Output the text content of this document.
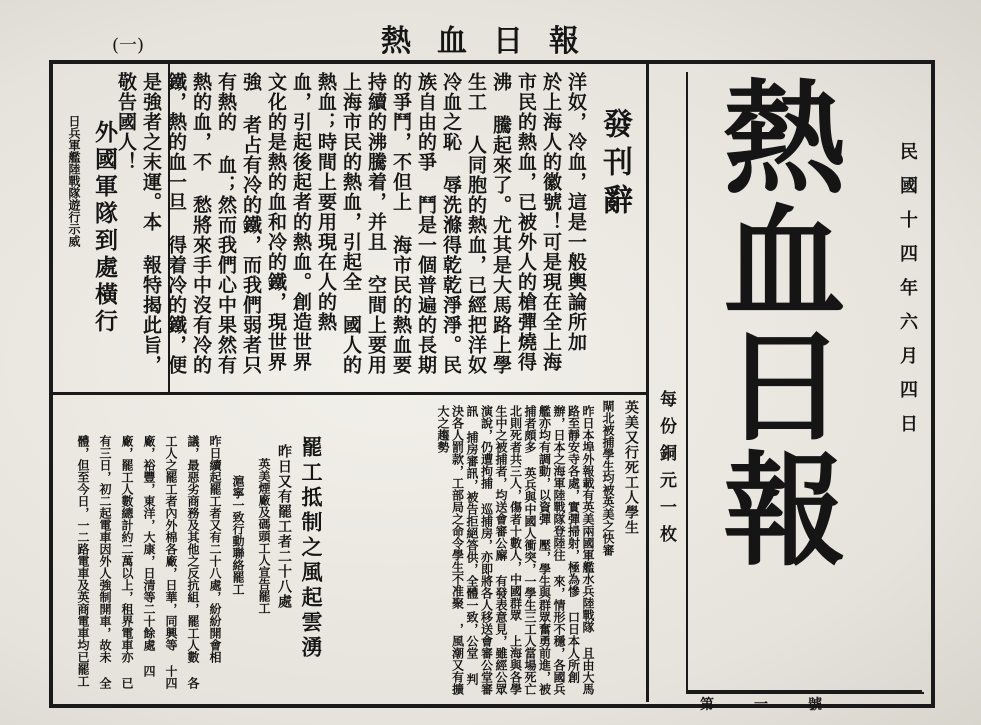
(一)	熱血日報
熱血日報	民國十四年六月四日
每份銅元一枚
第一號
發刊辭
洋奴，冷血，這是一般輿論所加 於上海人的徽號！可是現在全上海 市民的熱血，已被外人的槍彈燒得沸 騰起來了。尤其是大馬路上學生工 人同胞的熱血，已經把洋奴冷血之恥 辱洗滌得乾乾淨淨。民族自由的爭 鬥是一個普遍的長期的爭鬥，不但上 海市民的熱血要持續的沸騰着，并且 空間上要用上海市民的熱血，引起全 國人的熱血；時間上要用現在人的熱 血，引起後起者的熱血。創造世界 文化的是熱的血和冷的鐵，現世界強 者占有冷的鐵，而我們弱者只有熱的 血；然而我們心中果然有熱的血，不 愁將來手中沒有冷的鐵，熱的血一旦 得着冷的鐵，便是強者之末運。本 報特揭此旨，敬告國人！
外國軍隊到處橫行
日兵軍艦陸戰隊遊行示威
英美又行死工人學生
閘北被捕學生均被英美之快審
昨日本埠外報載有英美兩國軍艦水兵陸戰隊 且由大馬路至靜安寺各處，實彈掃射，極為慘 口日本人所創辦，日本之海軍陸戰隊登陸往 來，情形不穩，各國兵艦亦均有調動，以資彈 壓，學生與群眾奮勇前進，被捕者頗多 英兵與中國人衝突，一學生三工人當場死亡 北則死者共三人，傷者十數人，中國群眾 上海與各學生中之被捕者，均送會審公廨 有發表意見，雖經公眾演說，仍遭拘捕 巡捕房，亦即將各人移送會審公堂審訊 捕房審訊，被告拒絕答供，全體一致，公堂 判決各人罰款，工部局之命令學生不准聚 ，風潮又有擴大之趨勢
罷工抵制之風起雲湧
昨日又有罷工者二十八處
英美煙廠及碼頭工人宣告罷工
滬寧一致行動聯絡罷工
昨日續起罷工者又有二十八處，紛紛開會相 議，最惡劣商務及其他之反抗組，罷工人數 各工人之罷工者內外棉各廠，日華，同興等 十四廠，裕豐，東洋，大康，日清等二十餘處 四廠，罷工人數總計約二萬以上，租界電車亦 已有三日，初二起電車因外人強制開車，故未 全體，但至今日，一二路電車及英商電車均已罷工
